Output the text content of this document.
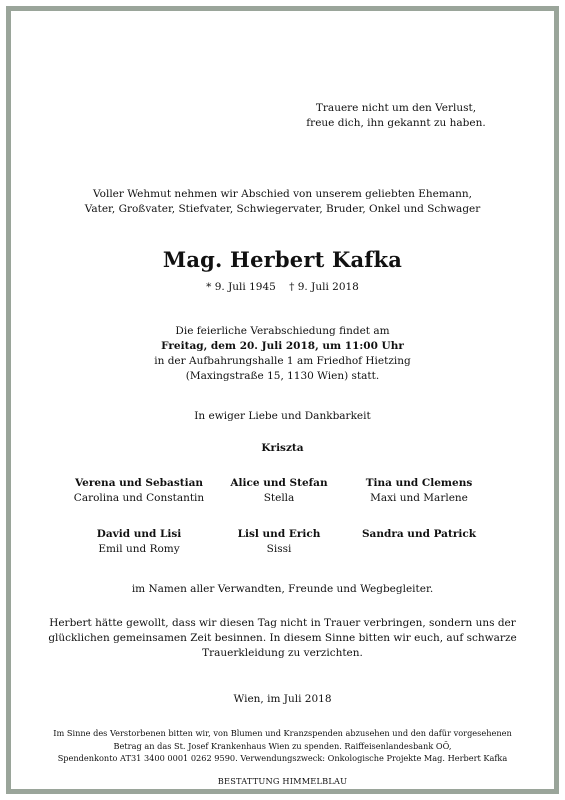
Trauere nicht um den Verlust,
freue dich, ihn gekannt zu haben.
Voller Wehmut nehmen wir Abschied von unserem geliebten Ehemann,
Vater, Großvater, Stiefvater, Schwiegervater, Bruder, Onkel und Schwager
Mag. Herbert Kafka
* 9. Juli 1945    † 9. Juli 2018
Die feierliche Verabschiedung findet am
Freitag, dem 20. Juli 2018, um 11:00 Uhr
in der Aufbahrungshalle 1 am Friedhof Hietzing
(Maxingstraße 15, 1130 Wien) statt.
In ewiger Liebe und Dankbarkeit
Kriszta
Verena und Sebastian
Carolina und Constantin
Alice und Stefan
Stella
Tina und Clemens
Maxi und Marlene
David und Lisi
Emil und Romy
Lisl und Erich
Sissi
Sandra und Patrick
im Namen aller Verwandten, Freunde und Wegbegleiter.
Herbert hätte gewollt, dass wir diesen Tag nicht in Trauer verbringen, sondern uns der
glücklichen gemeinsamen Zeit besinnen. In diesem Sinne bitten wir euch, auf schwarze
Trauerkleidung zu verzichten.
Wien, im Juli 2018
Im Sinne des Verstorbenen bitten wir, von Blumen und Kranzspenden abzusehen und den dafür vorgesehenen
Betrag an das St. Josef Krankenhaus Wien zu spenden. Raiffeisenlandesbank OÖ,
Spendenkonto AT31 3400 0001 0262 9590. Verwendungszweck: Onkologische Projekte Mag. Herbert Kafka
BESTATTUNG HIMMELBLAU
